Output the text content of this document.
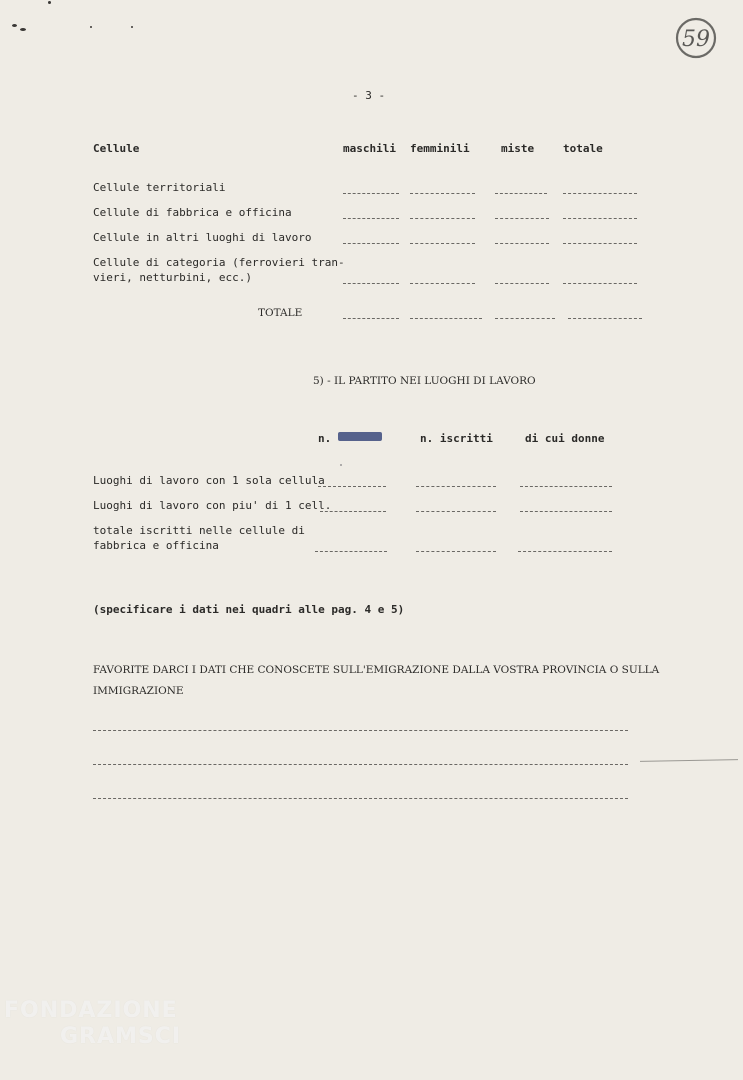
59
- 3 -
Cellule	maschili femminili	miste	totale
Cellule territoriali
Cellule di fabbrica e officina
Cellule in altri luoghi di lavoro
Cellule di categoria (ferrovieri tran-
vieri, netturbini, ecc.)
TOTALE
5) - IL PARTITO NEI LUOGHI DI LAVORO
n.	n. iscritti	di cui donne
Luoghi di lavoro con 1 sola cellula
Luoghi di lavoro con piu' di 1 cell.
totale iscritti nelle cellule di
fabbrica e officina
(specificare i dati nei quadri alle pag. 4 e 5)
FAVORITE DARCI I DATI CHE CONOSCETE SULL'EMIGRAZIONE DALLA VOSTRA PROVINCIA O SULLA
IMMIGRAZIONE
FONDAZIONE
GRAMSCI
